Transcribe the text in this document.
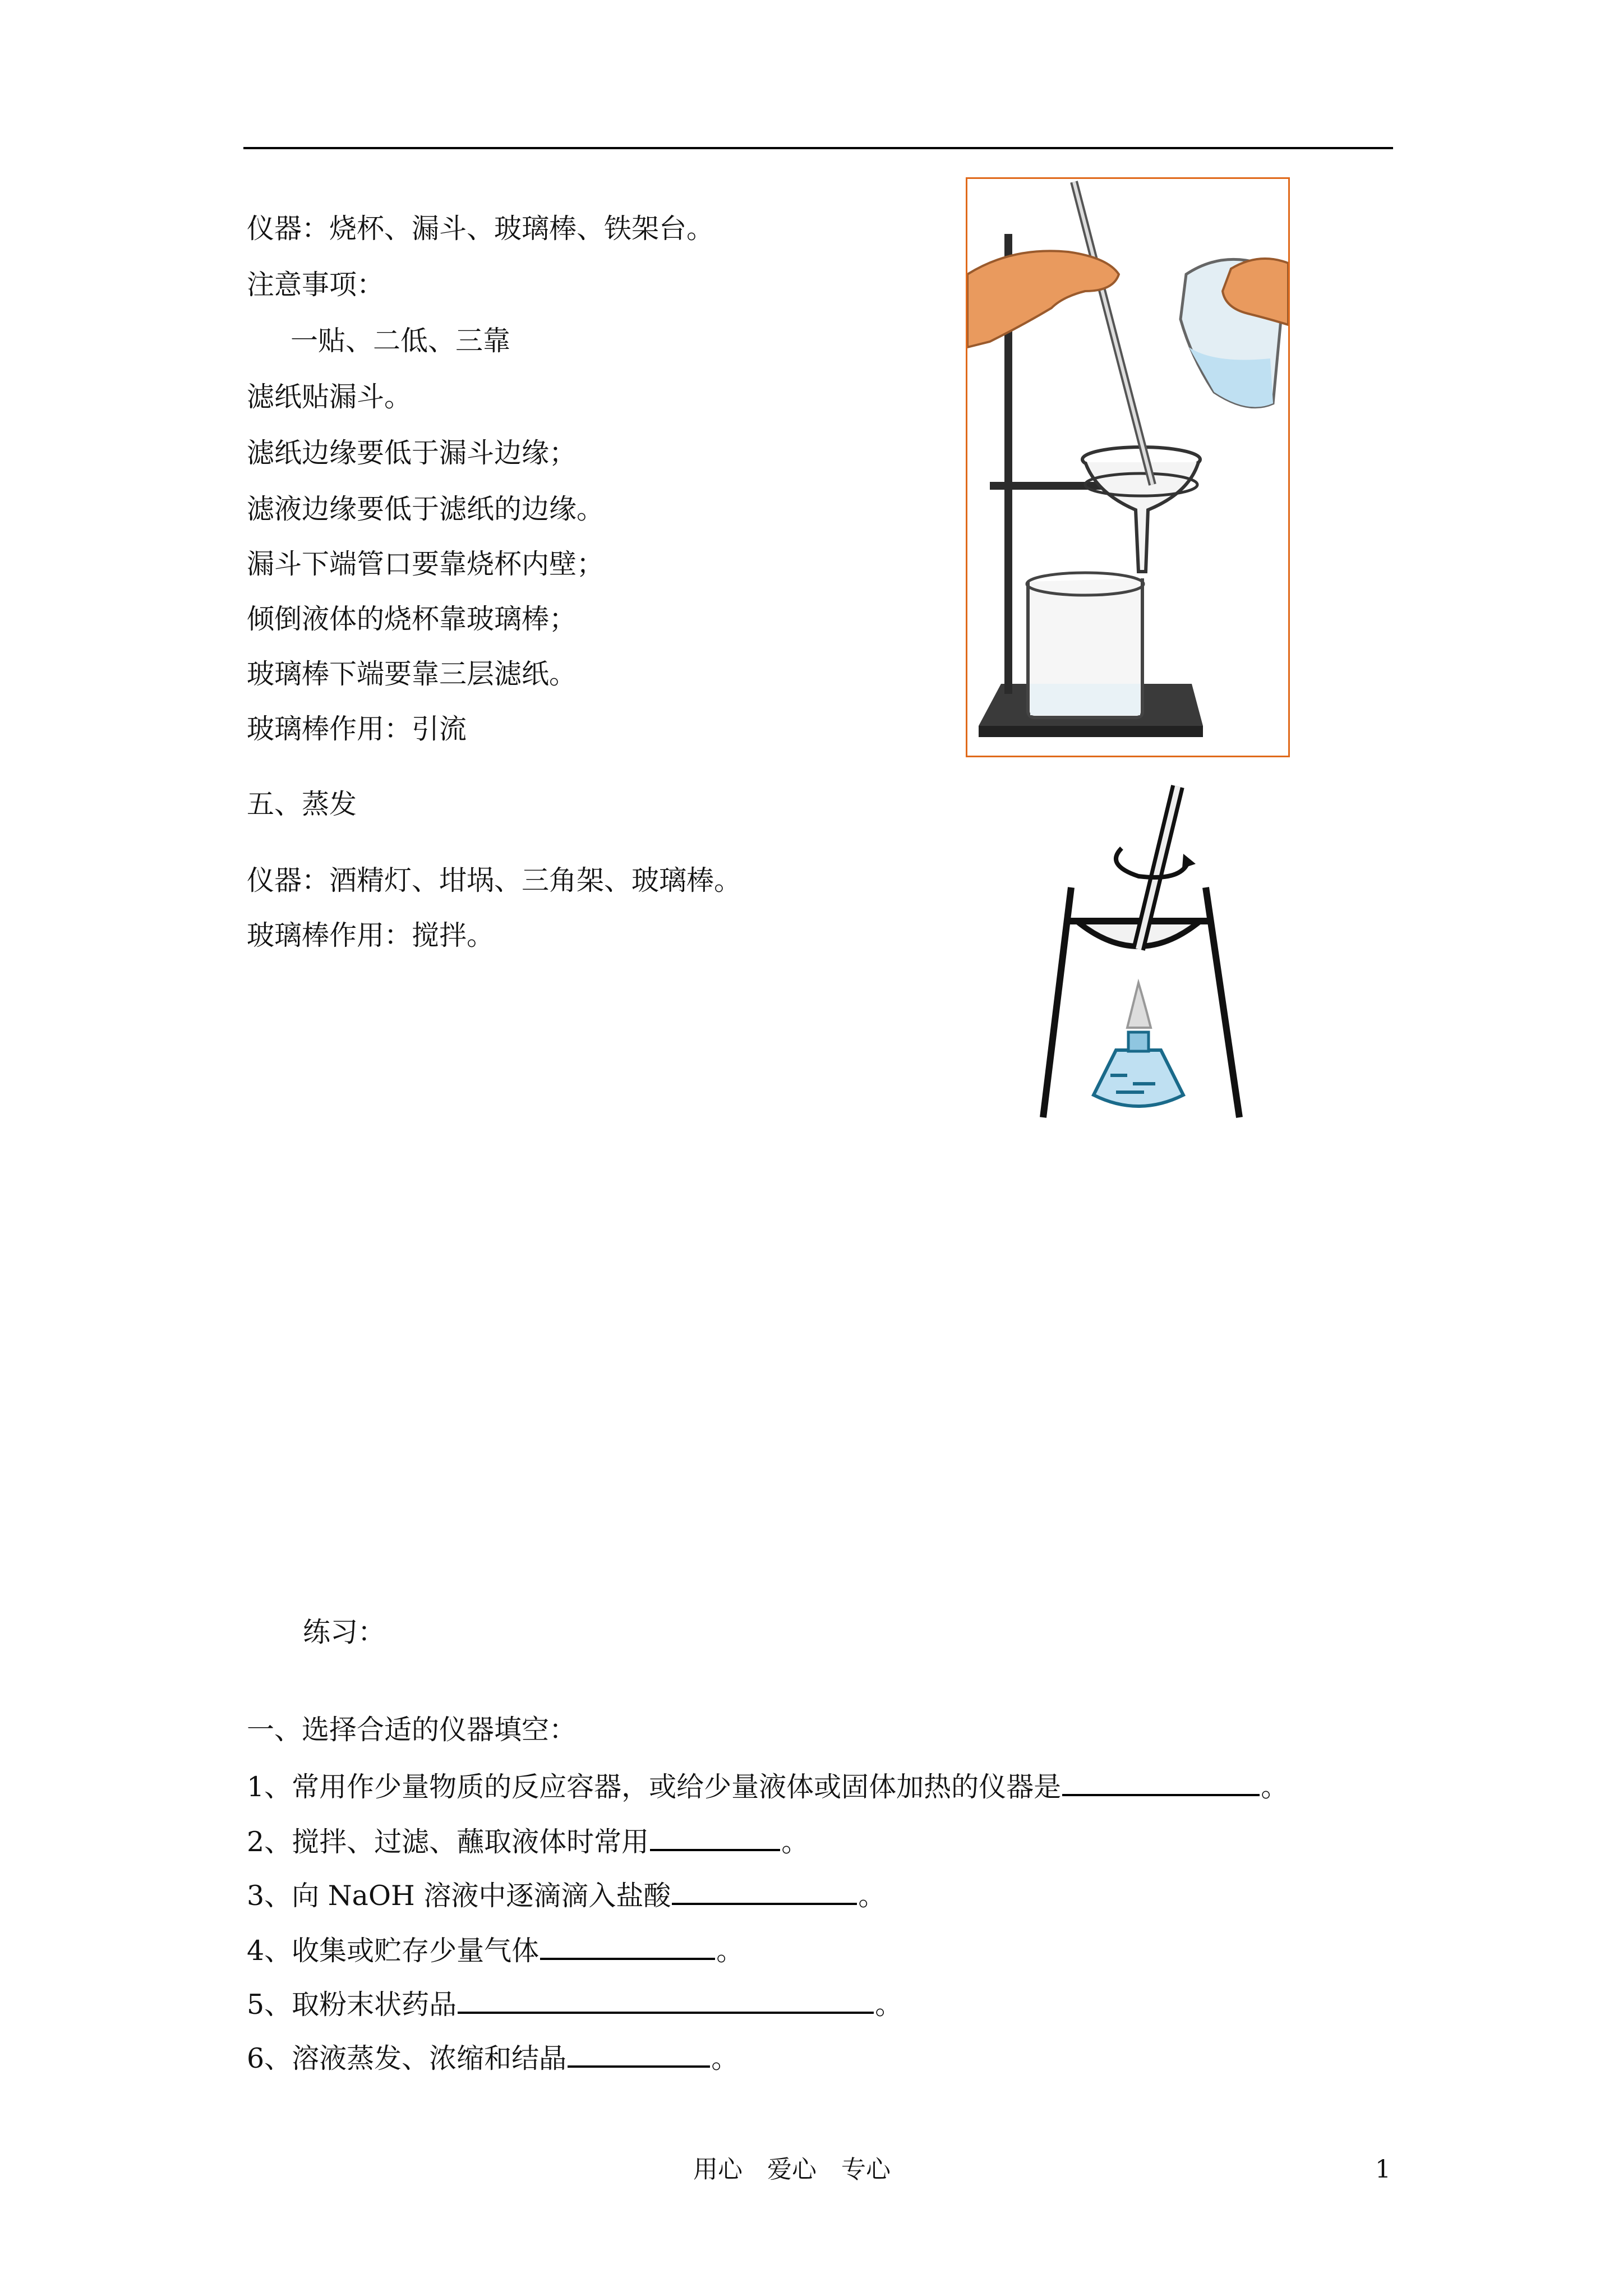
仪器：烧杯、漏斗、玻璃棒、铁架台。
注意事项：
一贴、二低、三靠
滤纸贴漏斗。
滤纸边缘要低于漏斗边缘；
滤液边缘要低于滤纸的边缘。
漏斗下端管口要靠烧杯内壁；
倾倒液体的烧杯靠玻璃棒；
玻璃棒下端要靠三层滤纸。
玻璃棒作用：引流
五、蒸发
仪器：酒精灯、坩埚、三角架、玻璃棒。
玻璃棒作用：搅拌。
练习：
一、选择合适的仪器填空：
1、常用作少量物质的反应容器，或给少量液体或固体加热的仪器是	。
2、搅拌、过滤、蘸取液体时常用	。
3、向 NaOH 溶液中逐滴滴入盐酸	。
4、收集或贮存少量气体	。
5、取粉末状药品	。
6、溶液蒸发、浓缩和结晶	。
用心　爱心　专心	1
